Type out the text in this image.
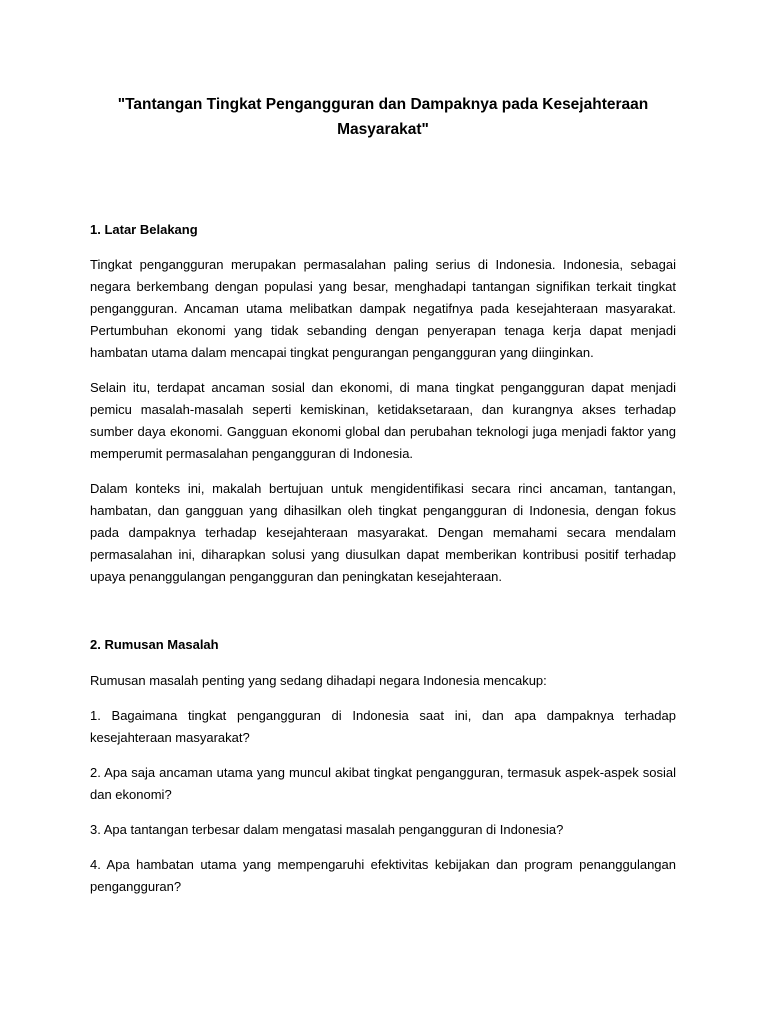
"Tantangan Tingkat Pengangguran dan Dampaknya pada Kesejahteraan Masyarakat"
1. Latar Belakang

Tingkat pengangguran merupakan permasalahan paling serius di Indonesia. Indonesia, sebagai negara berkembang dengan populasi yang besar, menghadapi tantangan signifikan terkait tingkat pengangguran. Ancaman utama melibatkan dampak negatifnya pada kesejahteraan masyarakat. Pertumbuhan ekonomi yang tidak sebanding dengan penyerapan tenaga kerja dapat menjadi hambatan utama dalam mencapai tingkat pengurangan pengangguran yang diinginkan.

Selain itu, terdapat ancaman sosial dan ekonomi, di mana tingkat pengangguran dapat menjadi pemicu masalah-masalah seperti kemiskinan, ketidaksetaraan, dan kurangnya akses terhadap sumber daya ekonomi. Gangguan ekonomi global dan perubahan teknologi juga menjadi faktor yang memperumit permasalahan pengangguran di Indonesia.

Dalam konteks ini, makalah bertujuan untuk mengidentifikasi secara rinci ancaman, tantangan, hambatan, dan gangguan yang dihasilkan oleh tingkat pengangguran di Indonesia, dengan fokus pada dampaknya terhadap kesejahteraan masyarakat. Dengan memahami secara mendalam permasalahan ini, diharapkan solusi yang diusulkan dapat memberikan kontribusi positif terhadap upaya penanggulangan pengangguran dan peningkatan kesejahteraan.

2. Rumusan Masalah

Rumusan masalah penting yang sedang dihadapi negara Indonesia mencakup:

1. Bagaimana tingkat pengangguran di Indonesia saat ini, dan apa dampaknya terhadap kesejahteraan masyarakat?

2. Apa saja ancaman utama yang muncul akibat tingkat pengangguran, termasuk aspek-aspek sosial dan ekonomi?

3. Apa tantangan terbesar dalam mengatasi masalah pengangguran di Indonesia?

4. Apa hambatan utama yang mempengaruhi efektivitas kebijakan dan program penanggulangan pengangguran?
